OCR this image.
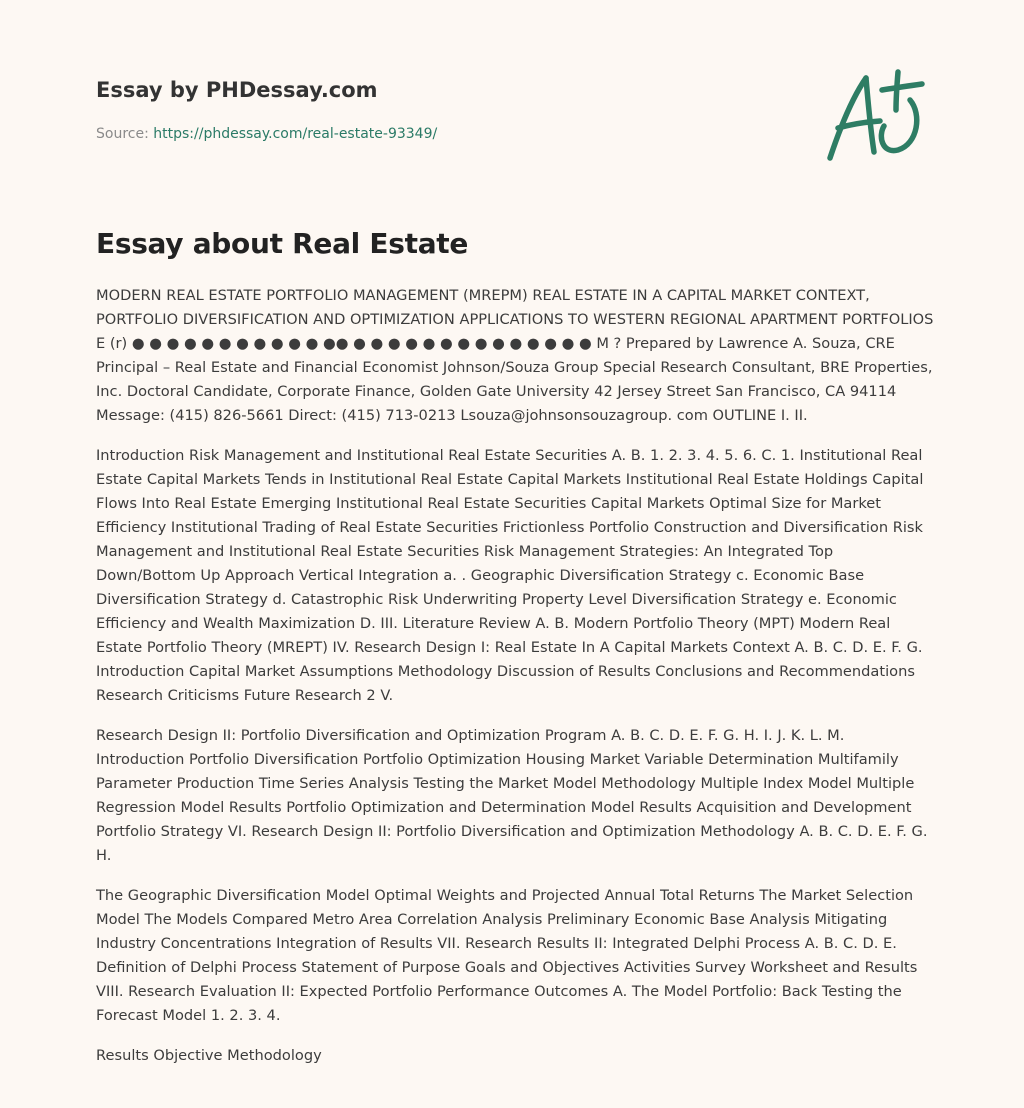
Essay by PHDessay.com
Source: https://phdessay.com/real-estate-93349/
Essay about Real Estate

MODERN REAL ESTATE PORTFOLIO MANAGEMENT (MREPM) REAL ESTATE IN A CAPITAL MARKET CONTEXT, PORTFOLIO DIVERSIFICATION AND OPTIMIZATION APPLICATIONS TO WESTERN REGIONAL APARTMENT PORTFOLIOS E (r) ● ● ● ● ● ● ● ● ● ● ● ●● ● ● ● ● ● ● ● ● ● ● ● ● ● ● M ? Prepared by Lawrence A. Souza, CRE Principal – Real Estate and Financial Economist Johnson/Souza Group Special Research Consultant, BRE Properties, Inc. Doctoral Candidate, Corporate Finance, Golden Gate University 42 Jersey Street San Francisco, CA 94114 Message: (415) 826-5661 Direct: (415) 713-0213 Lsouza@johnsonsouzagroup. com OUTLINE I. II.

Introduction Risk Management and Institutional Real Estate Securities A. B. 1. 2. 3. 4. 5. 6. C. 1. Institutional Real Estate Capital Markets Tends in Institutional Real Estate Capital Markets Institutional Real Estate Holdings Capital Flows Into Real Estate Emerging Institutional Real Estate Securities Capital Markets Optimal Size for Market Efficiency Institutional Trading of Real Estate Securities Frictionless Portfolio Construction and Diversification Risk Management and Institutional Real Estate Securities Risk Management Strategies: An Integrated Top Down/Bottom Up Approach Vertical Integration a. . Geographic Diversification Strategy c. Economic Base Diversification Strategy d. Catastrophic Risk Underwriting Property Level Diversification Strategy e. Economic Efficiency and Wealth Maximization D. III. Literature Review A. B. Modern Portfolio Theory (MPT) Modern Real Estate Portfolio Theory (MREPT) IV. Research Design I: Real Estate In A Capital Markets Context A. B. C. D. E. F. G. Introduction Capital Market Assumptions Methodology Discussion of Results Conclusions and Recommendations Research Criticisms Future Research 2 V.

Research Design II: Portfolio Diversification and Optimization Program A. B. C. D. E. F. G. H. I. J. K. L. M. Introduction Portfolio Diversification Portfolio Optimization Housing Market Variable Determination Multifamily Parameter Production Time Series Analysis Testing the Market Model Methodology Multiple Index Model Multiple Regression Model Results Portfolio Optimization and Determination Model Results Acquisition and Development Portfolio Strategy VI. Research Design II: Portfolio Diversification and Optimization Methodology A. B. C. D. E. F. G. H.

The Geographic Diversification Model Optimal Weights and Projected Annual Total Returns The Market Selection Model The Models Compared Metro Area Correlation Analysis Preliminary Economic Base Analysis Mitigating Industry Concentrations Integration of Results VII. Research Results II: Integrated Delphi Process A. B. C. D. E. Definition of Delphi Process Statement of Purpose Goals and Objectives Activities Survey Worksheet and Results VIII. Research Evaluation II: Expected Portfolio Performance Outcomes A. The Model Portfolio: Back Testing the Forecast Model 1. 2. 3. 4.

Results Objective Methodology
